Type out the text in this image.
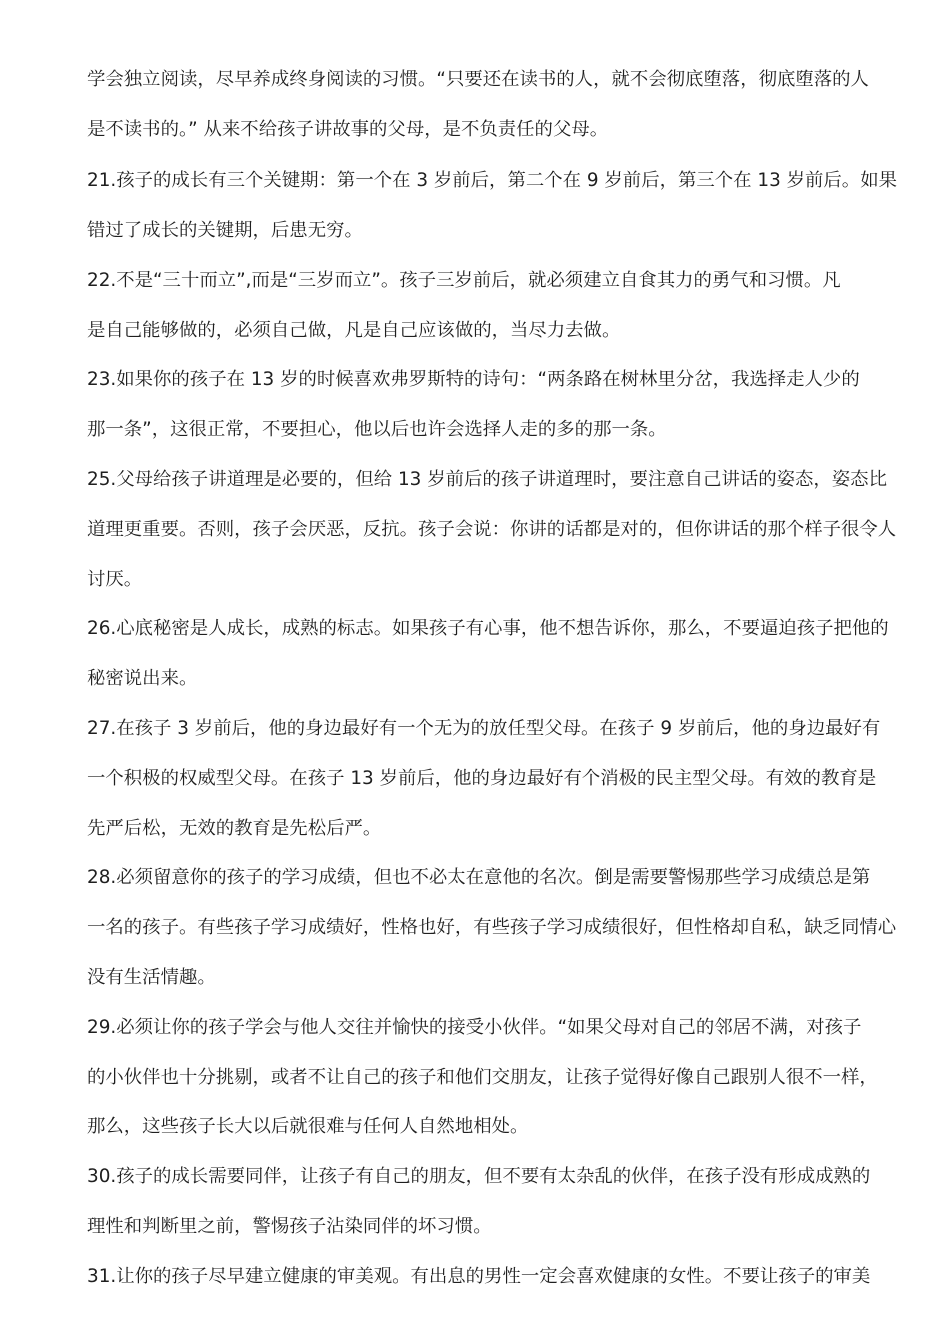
学会独立阅读，尽早养成终身阅读的习惯。“只要还在读书的人，就不会彻底堕落，彻底堕落的人
是不读书的。” 从来不给孩子讲故事的父母，是不负责任的父母。
21.孩子的成长有三个关键期：第一个在 3 岁前后，第二个在 9 岁前后，第三个在 13 岁前后。如果
错过了成长的关键期，后患无穷。
22.不是“三十而立”,而是“三岁而立”。孩子三岁前后，就必须建立自食其力的勇气和习惯。凡
是自己能够做的，必须自己做，凡是自己应该做的，当尽力去做。
23.如果你的孩子在 13 岁的时候喜欢弗罗斯特的诗句：“两条路在树林里分岔，我选择走人少的
那一条”，这很正常，不要担心，他以后也许会选择人走的多的那一条。
25.父母给孩子讲道理是必要的，但给 13 岁前后的孩子讲道理时，要注意自己讲话的姿态，姿态比
道理更重要。否则，孩子会厌恶，反抗。孩子会说：你讲的话都是对的，但你讲话的那个样子很令人
讨厌。
26.心底秘密是人成长，成熟的标志。如果孩子有心事，他不想告诉你，那么，不要逼迫孩子把他的
秘密说出来。
27.在孩子 3 岁前后，他的身边最好有一个无为的放任型父母。在孩子 9 岁前后，他的身边最好有
一个积极的权威型父母。在孩子 13 岁前后，他的身边最好有个消极的民主型父母。有效的教育是
先严后松，无效的教育是先松后严。
28.必须留意你的孩子的学习成绩，但也不必太在意他的名次。倒是需要警惕那些学习成绩总是第
一名的孩子。有些孩子学习成绩好，性格也好，有些孩子学习成绩很好，但性格却自私，缺乏同情心
没有生活情趣。
29.必须让你的孩子学会与他人交往并愉快的接受小伙伴。“如果父母对自己的邻居不满，对孩子
的小伙伴也十分挑剔，或者不让自己的孩子和他们交朋友，让孩子觉得好像自己跟别人很不一样，
那么，这些孩子长大以后就很难与任何人自然地相处。
30.孩子的成长需要同伴，让孩子有自己的朋友，但不要有太杂乱的伙伴，在孩子没有形成成熟的
理性和判断里之前，警惕孩子沾染同伴的坏习惯。
31.让你的孩子尽早建立健康的审美观。有出息的男性一定会喜欢健康的女性。不要让孩子的审美
